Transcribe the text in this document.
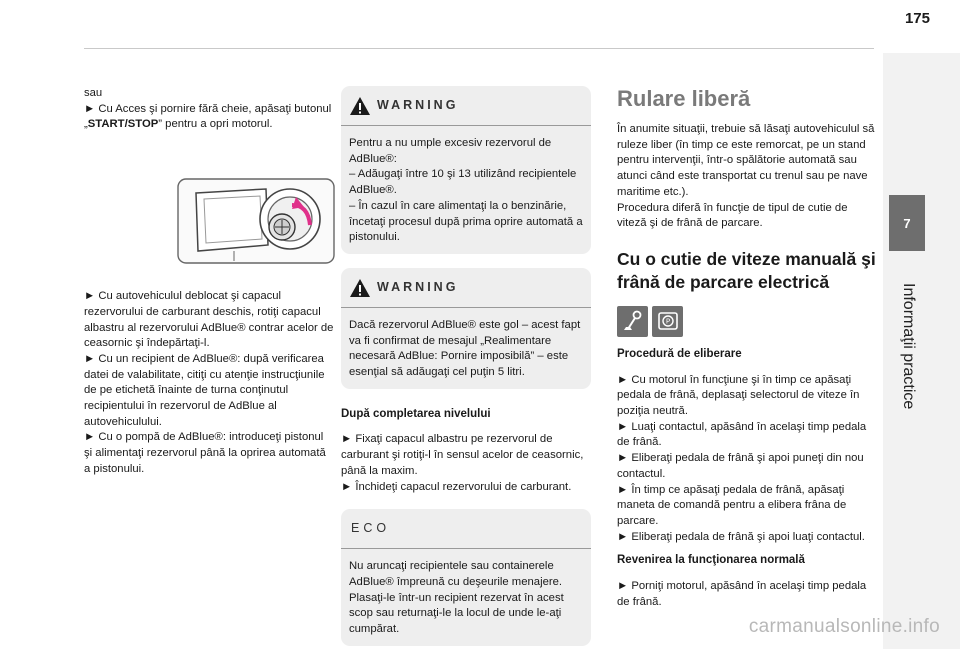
175
7
Informaţii practice

sau

► Cu Acces şi pornire fără cheie, apăsaţi butonul „START/STOP” pentru a opri motorul.

► Cu autovehiculul deblocat şi capacul rezervorului de carburant deschis, rotiţi capacul albastru al rezervorului AdBlue® contrar acelor de ceasornic şi îndepărtaţi-l.

► Cu un recipient de AdBlue®: după verificarea datei de valabilitate, citiţi cu atenţie instrucţiunile de pe etichetă înainte de turna conţinutul recipientului în rezervorul de AdBlue al autovehiculului.

► Cu o pompă de AdBlue®: introduceţi pistonul şi alimentaţi rezervorul până la oprirea automată a pistonului.

WARNING

Pentru a nu umple excesiv rezervorul de AdBlue®:
– Adăugaţi între 10 şi 13 utilizând recipientele AdBlue®.
– În cazul în care alimentaţi la o benzinărie, încetaţi procesul după prima oprire automată a pistonului.

WARNING

Dacă rezervorul AdBlue® este gol – acest fapt va fi confirmat de mesajul „Realimentare necesară AdBlue: Pornire imposibilă” – este esenţial să adăugaţi cel puţin 5 litri.

După completarea nivelului

► Fixaţi capacul albastru pe rezervorul de carburant şi rotiţi-l în sensul acelor de ceasornic, până la maxim.

► Închideţi capacul rezervorului de carburant.

ECO

Nu aruncaţi recipientele sau containerele AdBlue® împreună cu deşeurile menajere. Plasaţi-le într-un recipient rezervat în acest scop sau returnaţi-le la locul de unde le-aţi cumpărat.

Rulare liberă

În anumite situaţii, trebuie să lăsaţi autovehiculul să ruleze liber (în timp ce este remorcat, pe un stand pentru intervenţii, într-o spălătorie automată sau atunci când este transportat cu trenul sau pe nave maritime etc.).
Procedura diferă în funcţie de tipul de cutie de viteză şi de frână de parcare.

Cu o cutie de viteze manuală şi frână de parcare electrică
P

Procedură de eliberare

► Cu motorul în funcţiune şi în timp ce apăsaţi pedala de frână, deplasaţi selectorul de viteze în poziţia neutră.
► Luaţi contactul, apăsând în acelaşi timp pedala de frână.
► Eliberaţi pedala de frână şi apoi puneţi din nou contactul.
► În timp ce apăsaţi pedala de frână, apăsaţi maneta de comandă pentru a elibera frâna de parcare.
► Eliberaţi pedala de frână şi apoi luaţi contactul.

Revenirea la funcţionarea normală

► Porniţi motorul, apăsând în acelaşi timp pedala de frână.

carmanualsonline.info
